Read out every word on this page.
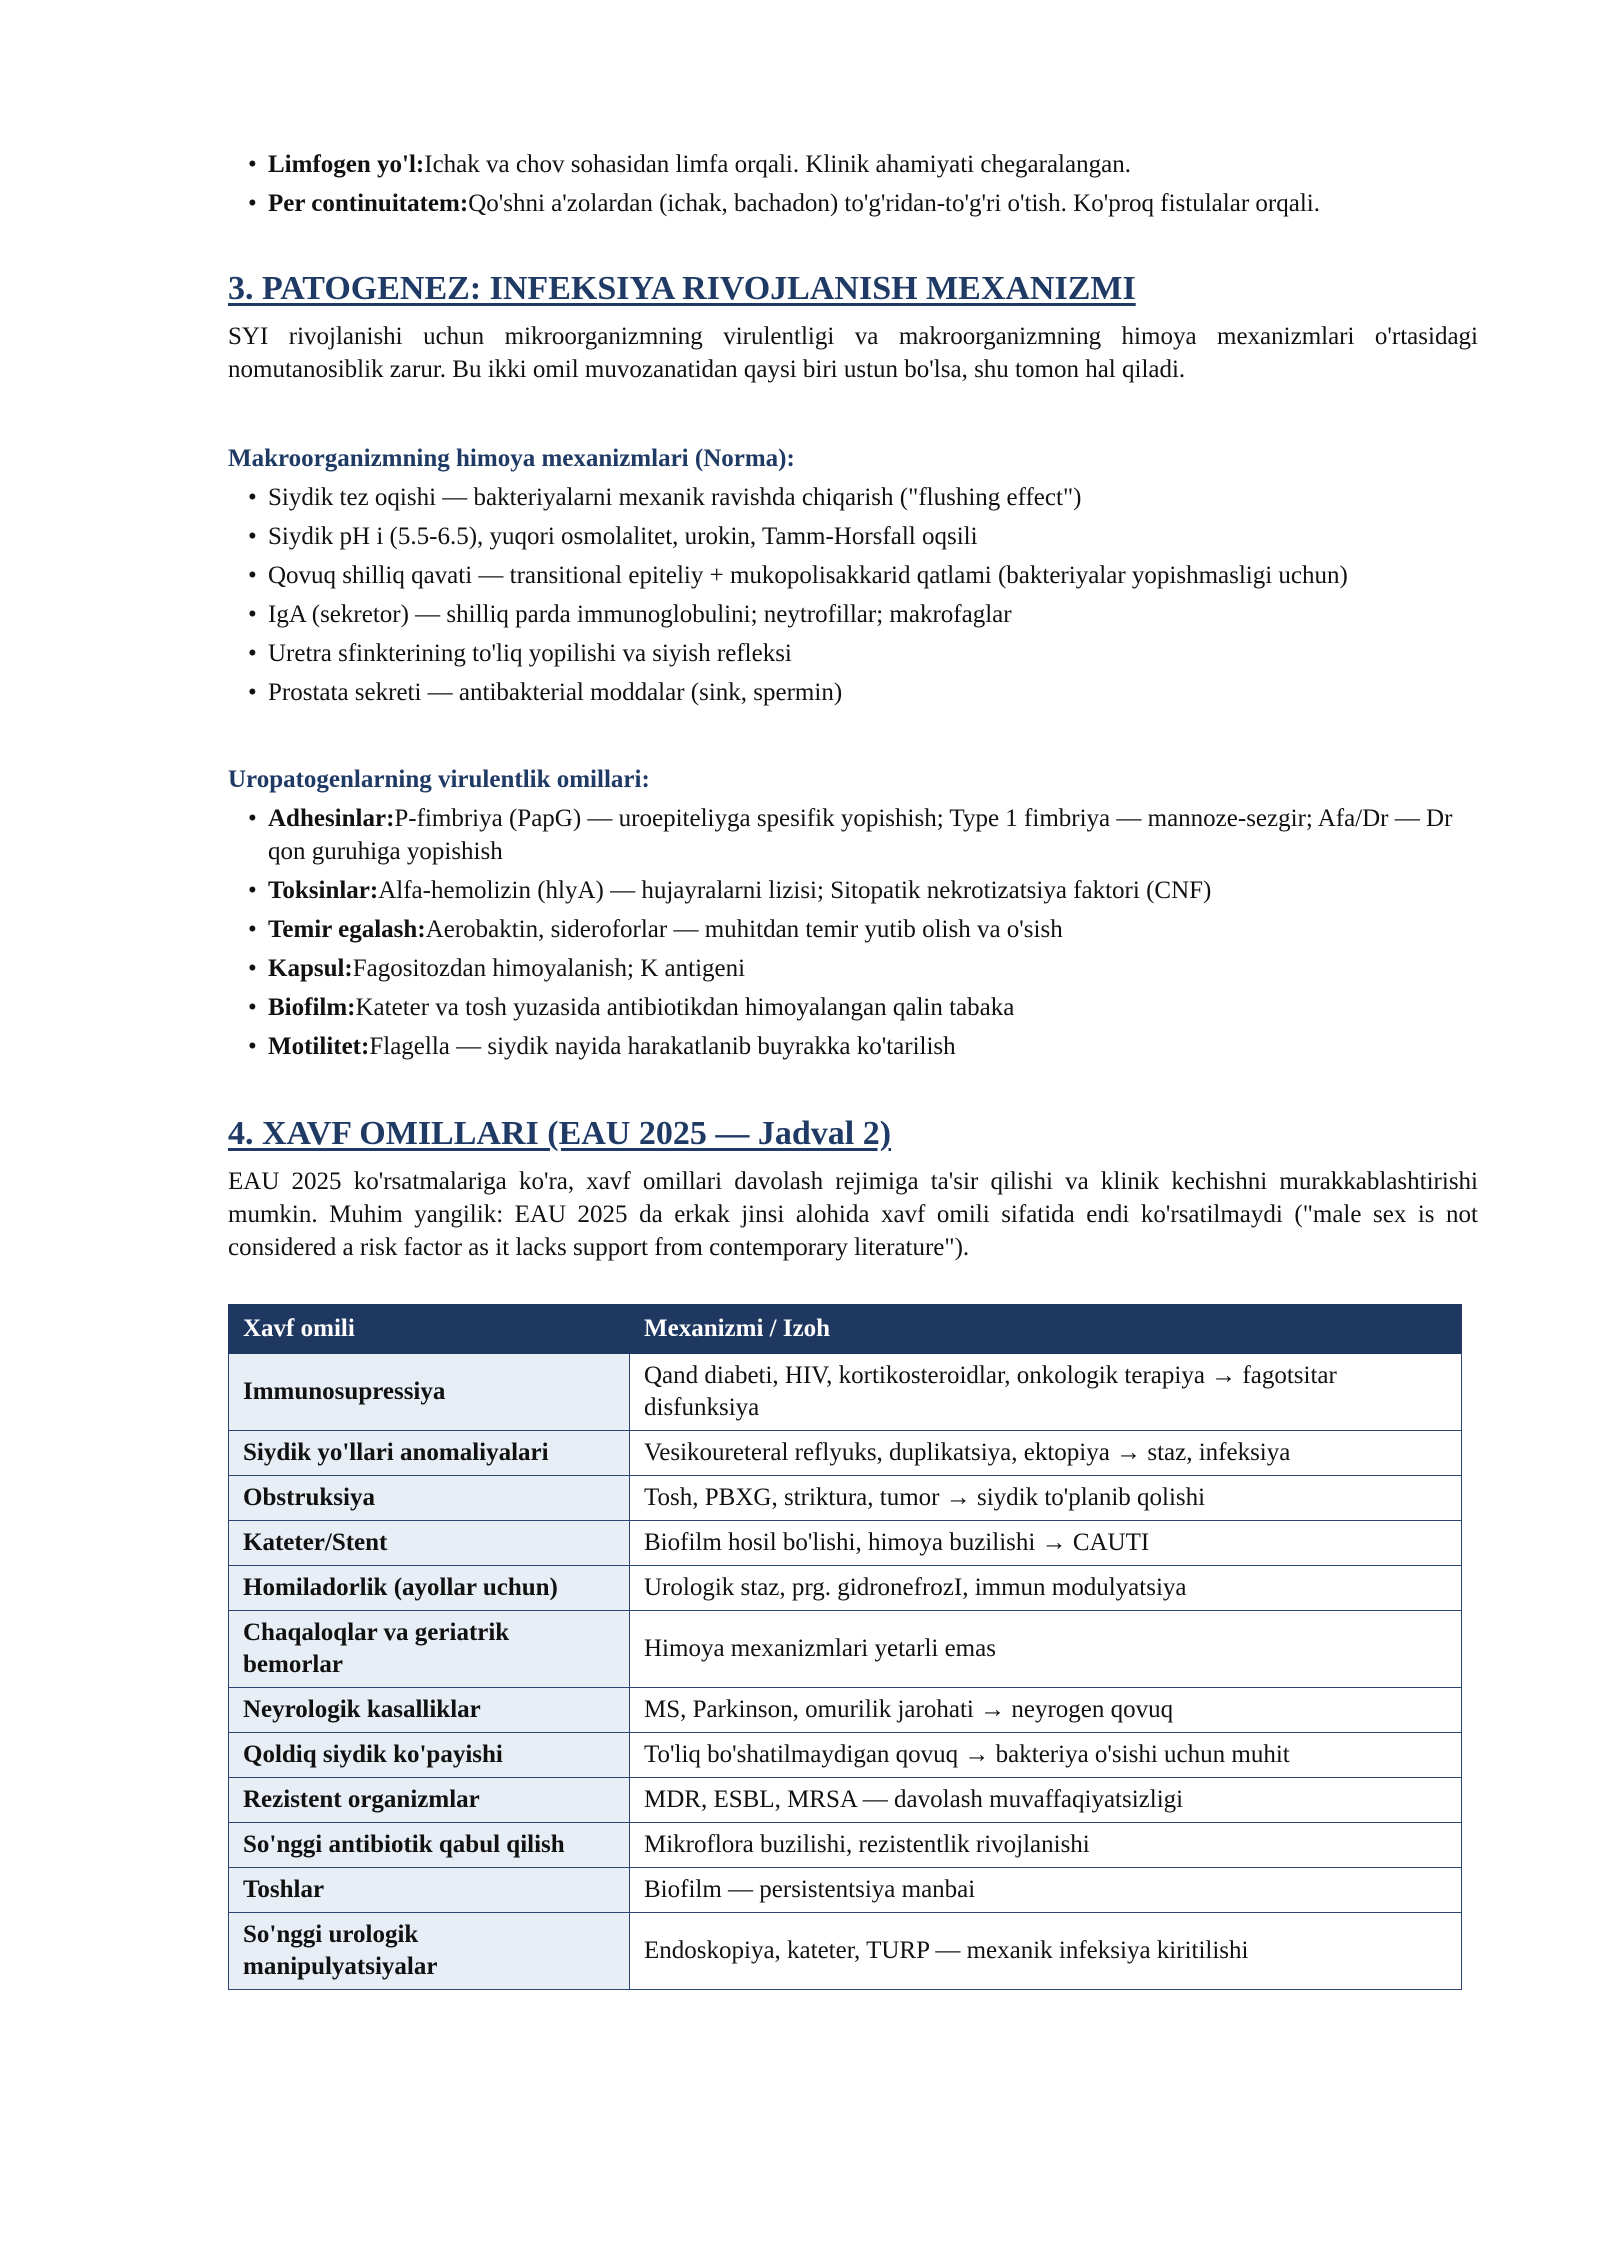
• Limfogen yo'l:Ichak va chov sohasidan limfa orqali. Klinik ahamiyati chegaralangan.
• Per continuitatem:Qo'shni a'zolardan (ichak, bachadon) to'g'ridan-to'g'ri o'tish. Ko'proq fistulalar orqali.
3. PATOGENEZ: INFEKSIYA RIVOJLANISH MEXANIZMI

SYI rivojlanishi uchun mikroorganizmning virulentligi va makroorganizmning himoya mexanizmlari o'rtasidagi nomutanosiblik zarur. Bu ikki omil muvozanatidan qaysi biri ustun bo'lsa, shu tomon hal qiladi.

Makroorganizmning himoya mexanizmlari (Norma):
• Siydik tez oqishi — bakteriyalarni mexanik ravishda chiqarish ("flushing effect")
• Siydik pH i (5.5-6.5), yuqori osmolalitet, urokin, Tamm-Horsfall oqsili
• Qovuq shilliq qavati — transitional epiteliy + mukopolisakkarid qatlami (bakteriyalar yopishmasligi uchun)
• IgA (sekretor) — shilliq parda immunoglobulini; neytrofillar; makrofaglar
• Uretra sfinkterining to'liq yopilishi va siyish refleksi
• Prostata sekreti — antibakterial moddalar (sink, spermin)
Uropatogenlarning virulentlik omillari:
• Adhesinlar:P-fimbriya (PapG) — uroepiteliyga spesifik yopishish; Type 1 fimbriya — mannoze-sezgir; Afa/Dr — Dr qon guruhiga yopishish
• Toksinlar:Alfa-hemolizin (hlyA) — hujayralarni lizisi; Sitopatik nekrotizatsiya faktori (CNF)
• Temir egalash:Aerobaktin, sideroforlar — muhitdan temir yutib olish va o'sish
• Kapsul:Fagositozdan himoyalanish; K antigeni
• Biofilm:Kateter va tosh yuzasida antibiotikdan himoyalangan qalin tabaka
• Motilitet:Flagella — siydik nayida harakatlanib buyrakka ko'tarilish
4. XAVF OMILLARI (EAU 2025 — Jadval 2)

EAU 2025 ko'rsatmalariga ko'ra, xavf omillari davolash rejimiga ta'sir qilishi va klinik kechishni murakkablashtirishi mumkin. Muhim yangilik: EAU 2025 da erkak jinsi alohida xavf omili sifatida endi ko'rsatilmaydi ("male sex is not considered a risk factor as it lacks support from contemporary literature").

Xavf omili	Mexanizmi / Izoh
Immunosupressiya	Qand diabeti, HIV, kortikosteroidlar, onkologik terapiya → fagotsitar disfunksiya
Siydik yo'llari anomaliyalari	Vesikoureteral reflyuks, duplikatsiya, ektopiya → staz, infeksiya
Obstruksiya	Tosh, PBXG, striktura, tumor → siydik to'planib qolishi
Kateter/Stent	Biofilm hosil bo'lishi, himoya buzilishi → CAUTI
Homiladorlik (ayollar uchun)	Urologik staz, prg. gidronefrozI, immun modulyatsiya
Chaqaloqlar va geriatrik bemorlar	Himoya mexanizmlari yetarli emas
Neyrologik kasalliklar	MS, Parkinson, omurilik jarohati → neyrogen qovuq
Qoldiq siydik ko'payishi	To'liq bo'shatilmaydigan qovuq → bakteriya o'sishi uchun muhit
Rezistent organizmlar	MDR, ESBL, MRSA — davolash muvaffaqiyatsizligi
So'nggi antibiotik qabul qilish	Mikroflora buzilishi, rezistentlik rivojlanishi
Toshlar	Biofilm — persistentsiya manbai
So'nggi urologik manipulyatsiyalar	Endoskopiya, kateter, TURP — mexanik infeksiya kiritilishi
